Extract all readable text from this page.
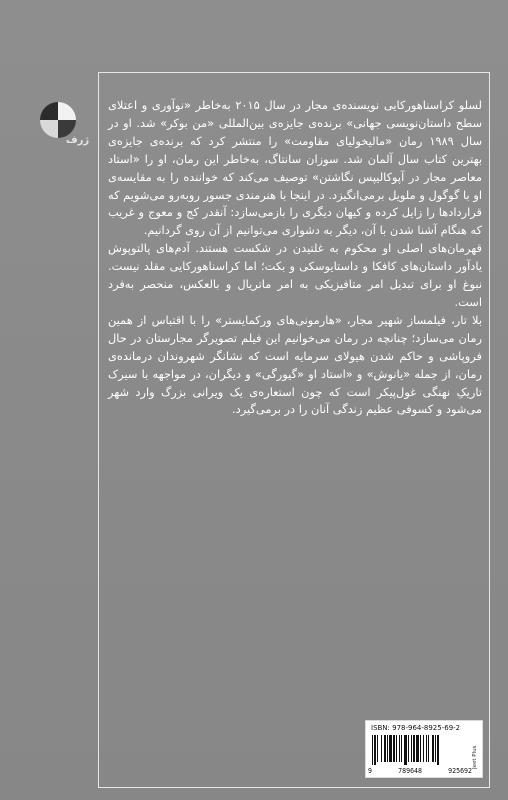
ژرف

لسلو کراسناهورکایی نویسنده‌ی مجار در سال ۲۰۱۵ به‌خاطر «نوآوری و اعتلای سطح داستان‌نویسی جهانی» برنده‌ی جایزه‌ی بین‌المللی «من بوکر» شد. او در سال ۱۹۸۹ رمان «مالیخولیای مقاومت» را منتشر کرد که برنده‌ی جایزه‌ی بهترین کتاب سال آلمان شد. سوزان سانتاگ، به‌خاطر این رمان، او را «استاد معاصر مجار در آپوکالیپس نگاشتن» توصیف می‌کند که خواننده را به مقایسه‌ی او با گوگول و ملویل برمی‌انگیزد. در اینجا با هنرمندی جسور روبه‌رو می‌شویم که قراردادها را زایل کرده و کیهان دیگری را بازمی‌سازد: آنقدر کج و معوج و غریب که هنگام آشنا شدن با آن، دیگر به دشواری می‌توانیم از آن روی گردانیم.

قهرمان‌های اصلی او محکوم به غلتیدن در شکست هستند. آدم‌های پالتوپوش یادآور داستان‌های کافکا و داستایوسکی و بکت؛ اما کراسناهورکایی مقلد نیست. نبوغ او برای تبدیل امر متافیزیکی به امر ماتریال و بالعکس، منحصر به‌فرد است.

بلا تار، فیلمساز شهیر مجار، «هارمونی‌های ورکمایستر» را با اقتباس از همین رمان می‌سازد؛ چنانچه در رمان می‌خوانیم این فیلم تصویرگر مجارستان در حال فروپاشی و حاکم شدن هیولای سرمایه است که نشانگر شهروندان درمانده‌ی رمان، از جمله «یانوش» و «استاد او «گیورگی» و دیگران، در مواجهه با سیرک تاریکِ نهنگی غول‌پیکر است که چون استعاره‌ی یک ویرانی بزرگ وارد شهر می‌شود و کسوفی عظیم زندگی آنان را در برمی‌گیرد.

ISBN: 978-964-8925-69-2
9	789648	925692
Jeet Plus
